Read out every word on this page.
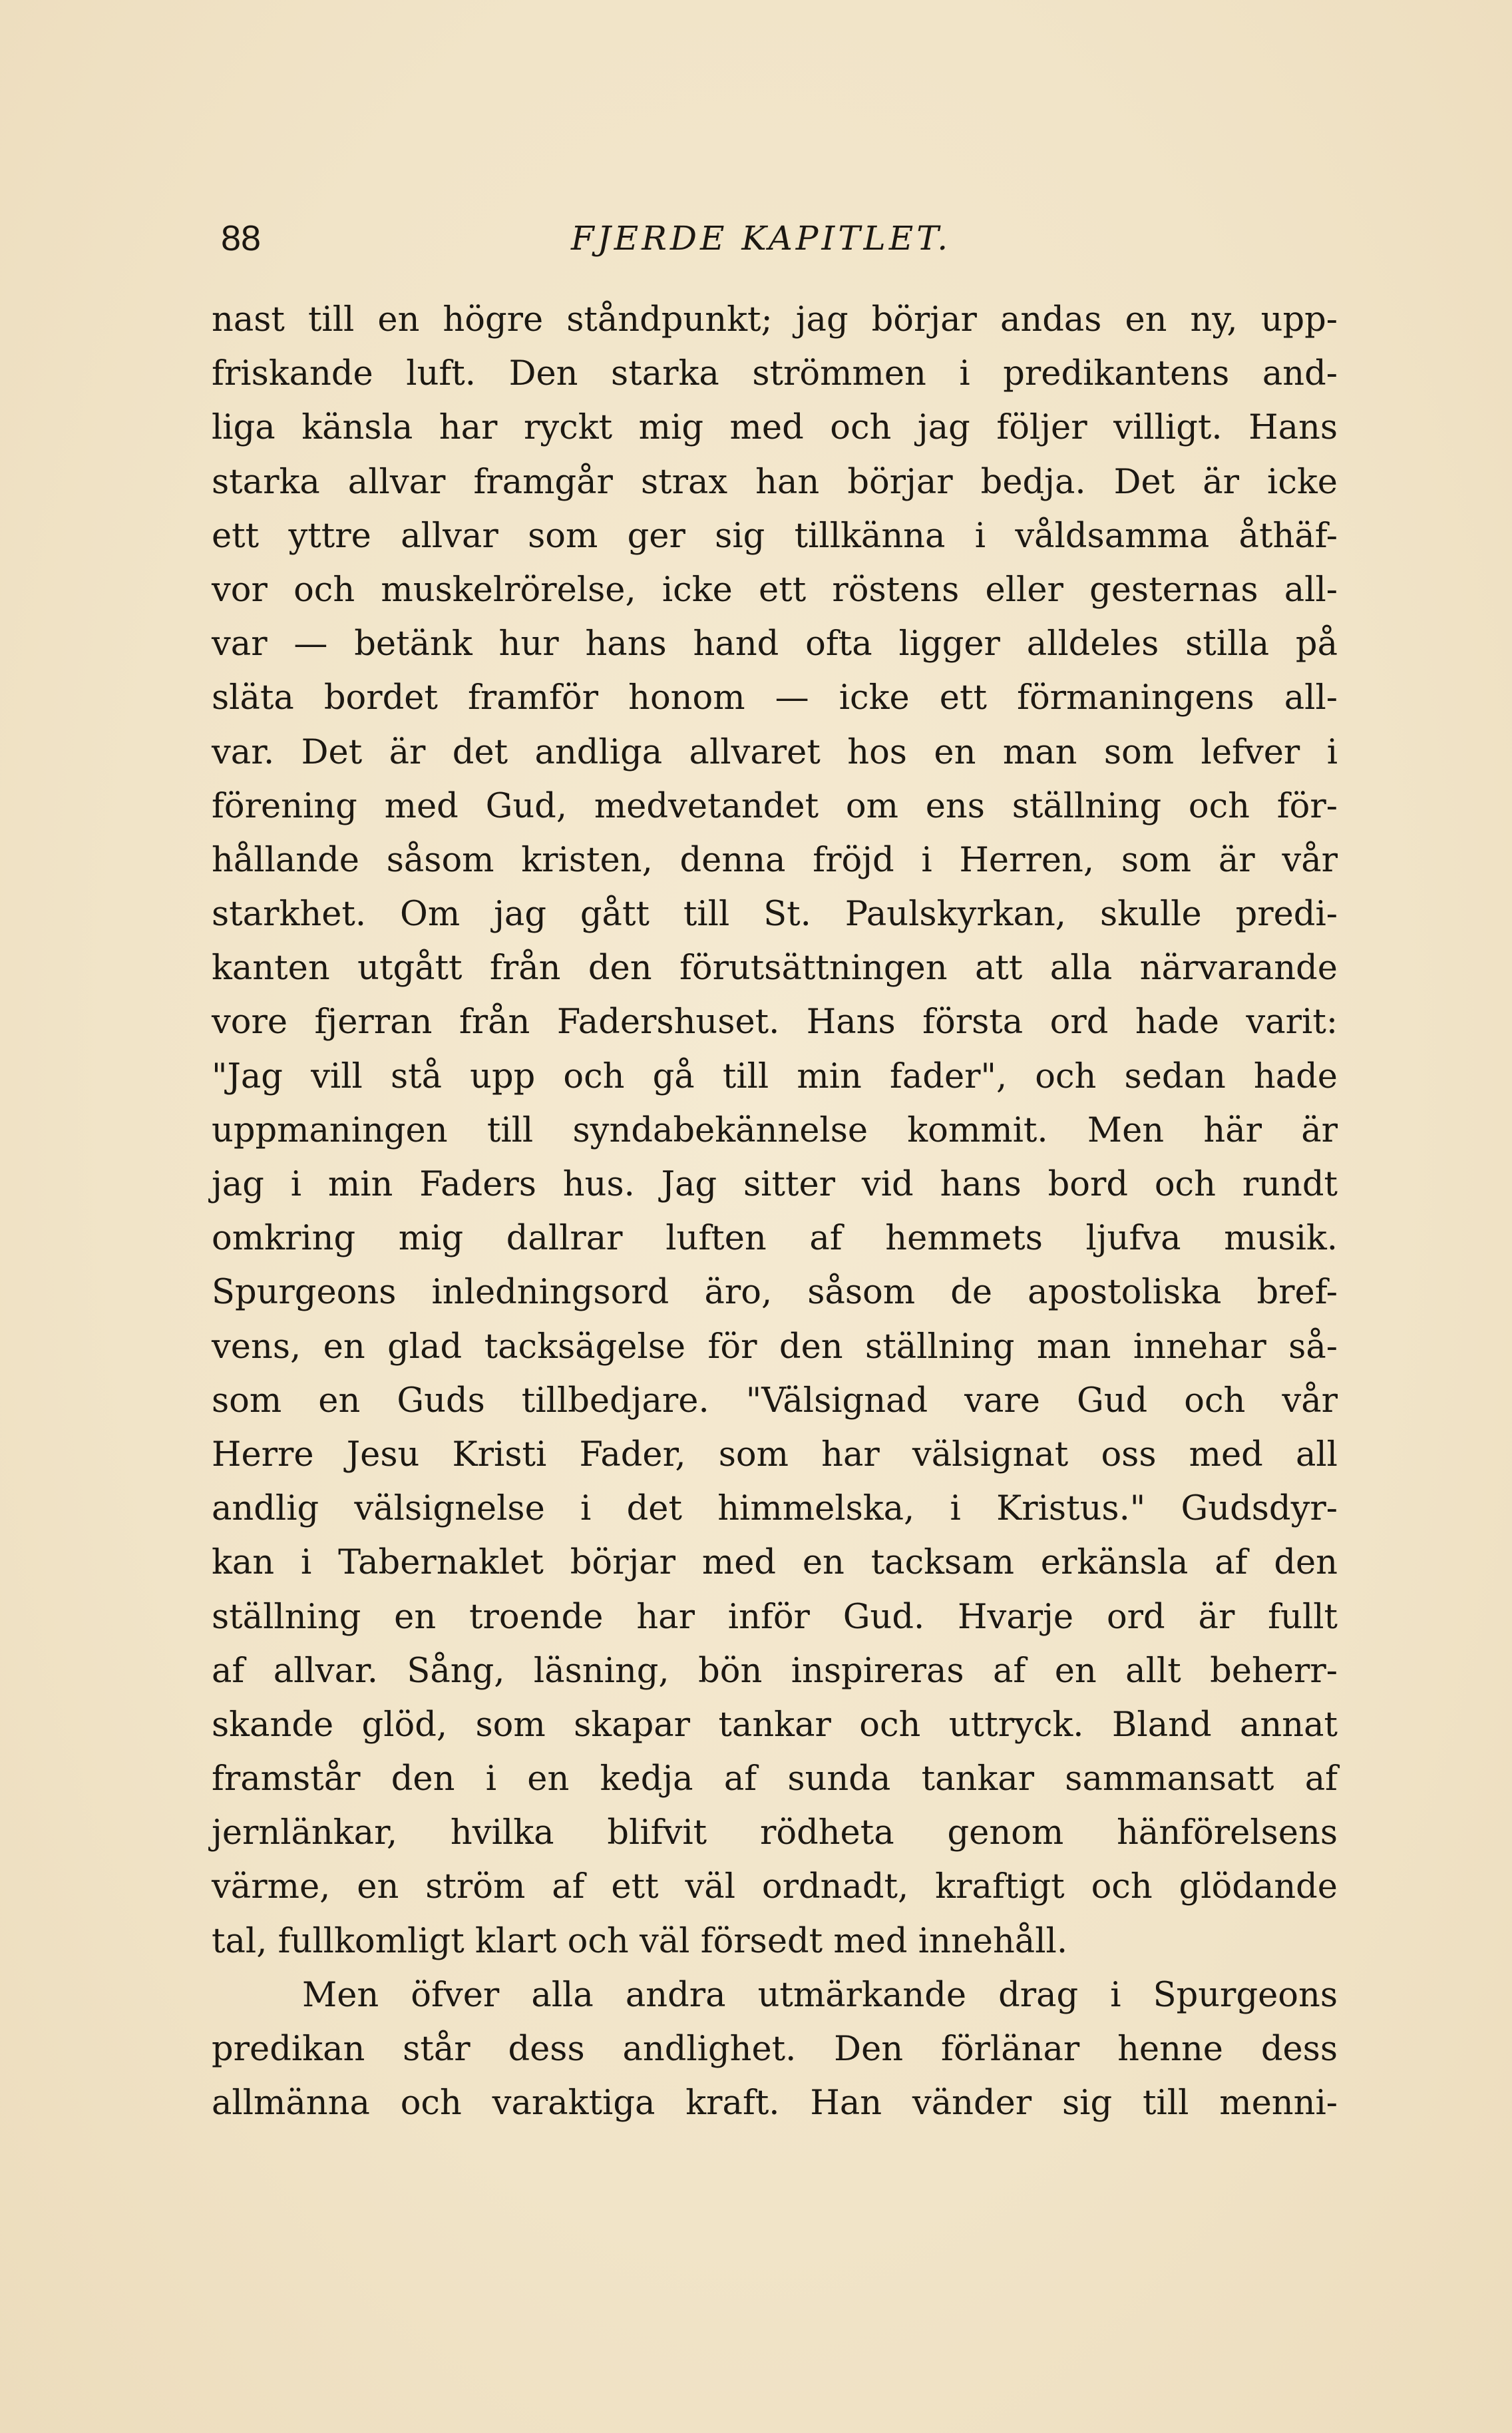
88	FJERDE KAPITLET.
nast till en högre ståndpunkt; jag börjar andas en ny, upp-
friskande luft. Den starka strömmen i predikantens and-
liga känsla har ryckt mig med och jag följer villigt. Hans
starka allvar framgår strax han börjar bedja. Det är icke
ett yttre allvar som ger sig tillkänna i våldsamma åthäf-
vor och muskelrörelse, icke ett röstens eller gesternas all-
var — betänk hur hans hand ofta ligger alldeles stilla på
släta bordet framför honom — icke ett förmaningens all-
var. Det är det andliga allvaret hos en man som lefver i
förening med Gud, medvetandet om ens ställning och för-
hållande såsom kristen, denna fröjd i Herren, som är vår
starkhet. Om jag gått till St. Paulskyrkan, skulle predi-
kanten utgått från den förutsättningen att alla närvarande
vore fjerran från Fadershuset. Hans första ord hade varit:
"Jag vill stå upp och gå till min fader", och sedan hade
uppmaningen till syndabekännelse kommit. Men här är
jag i min Faders hus. Jag sitter vid hans bord och rundt
omkring mig dallrar luften af hemmets ljufva musik.
Spurgeons inledningsord äro, såsom de apostoliska bref-
vens, en glad tacksägelse för den ställning man innehar så-
som en Guds tillbedjare. "Välsignad vare Gud och vår
Herre Jesu Kristi Fader, som har välsignat oss med all
andlig välsignelse i det himmelska, i Kristus." Gudsdyr-
kan i Tabernaklet börjar med en tacksam erkänsla af den
ställning en troende har inför Gud. Hvarje ord är fullt
af allvar. Sång, läsning, bön inspireras af en allt beherr-
skande glöd, som skapar tankar och uttryck. Bland annat
framstår den i en kedja af sunda tankar sammansatt af
jernlänkar, hvilka blifvit rödheta genom hänförelsens
värme, en ström af ett väl ordnadt, kraftigt och glödande
tal, fullkomligt klart och väl försedt med innehåll.
Men öfver alla andra utmärkande drag i Spurgeons
predikan står dess andlighet. Den förlänar henne dess
allmänna och varaktiga kraft. Han vänder sig till menni-
